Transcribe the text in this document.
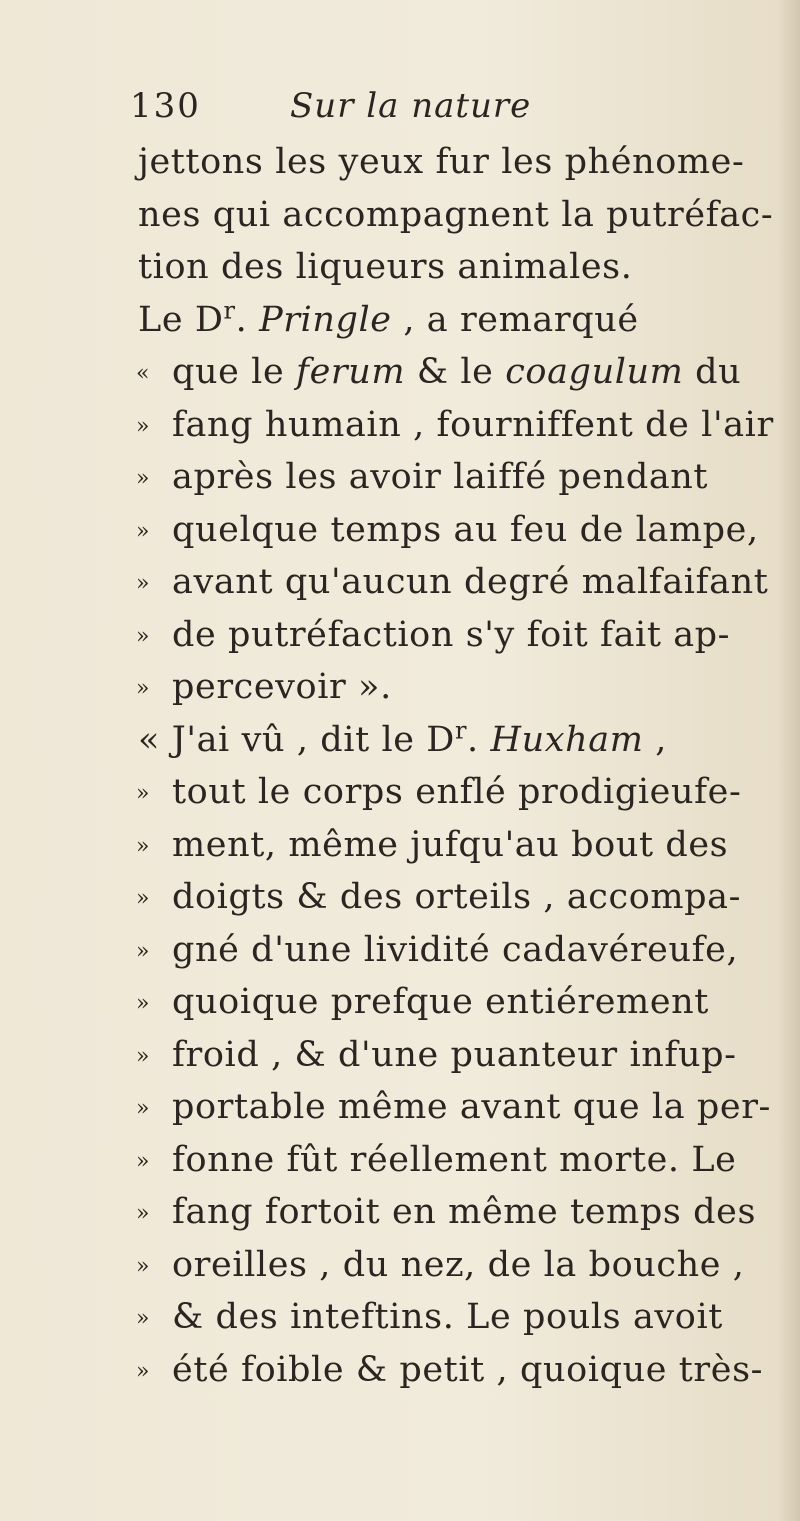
130	Sur la nature
jettons les yeux fur les phénome-
nes qui accompagnent la putréfac-
tion des liqueurs animales.
Le $D^r$. Pringle , a remarqué
« que le ferum & le coagulum du
» fang humain , fourniffent de l'air
» après les avoir laiffé pendant
» quelque temps au feu de lampe,
» avant qu'aucun degré malfaifant
» de putréfaction s'y foit fait ap-
» percevoir ».
« J'ai vû , dit le $D^r$. Huxham ,
» tout le corps enflé prodigieufe-
» ment, même jufqu'au bout des
» doigts & des orteils , accompa-
» gné d'une lividité cadavéreufe,
» quoique prefque entiérement
» froid , & d'une puanteur infup-
» portable même avant que la per-
» fonne fût réellement morte. Le
» fang fortoit en même temps des
» oreilles , du nez, de la bouche ,
» & des inteftins. Le pouls avoit
» été foible & petit , quoique très-
